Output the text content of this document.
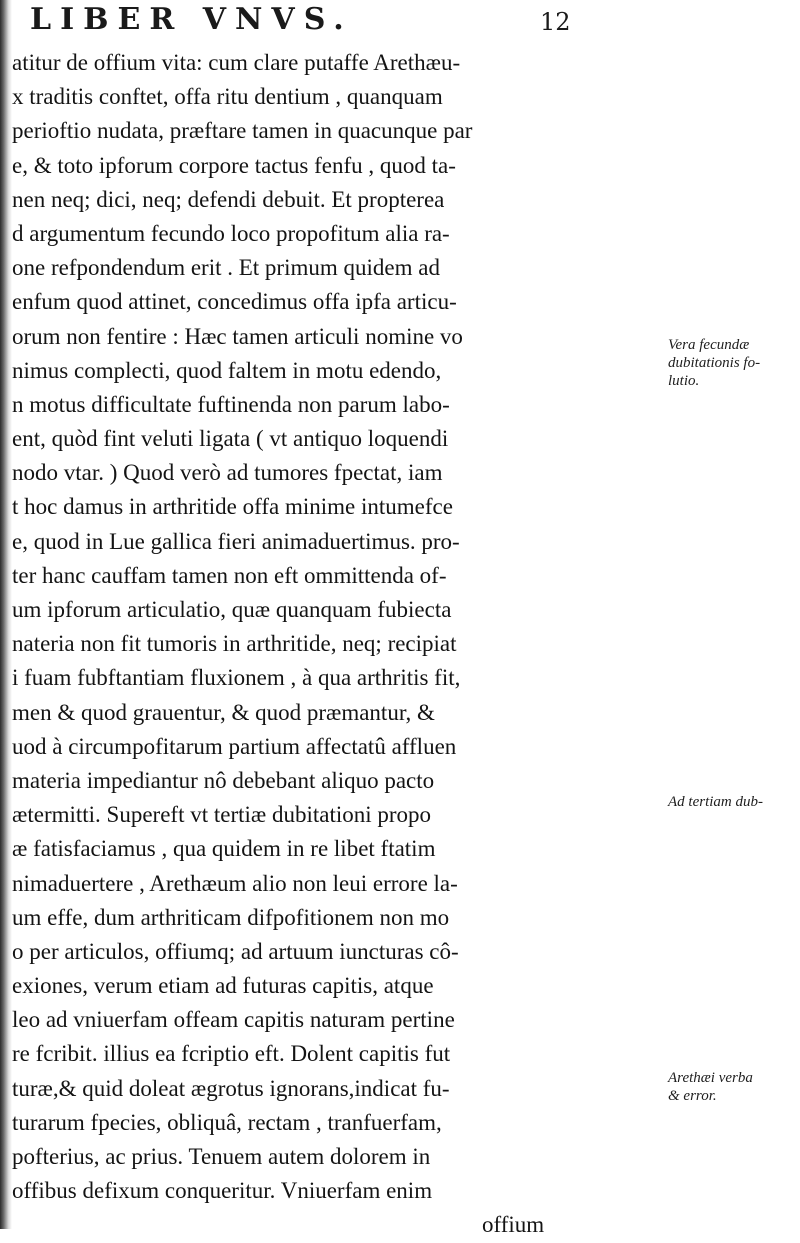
LIBER VNVS.	12
atitur de offium vita: cum clare putaffe Arethæu-
x traditis conftet, offa ritu dentium , quanquam
perioftio nudata, præftare tamen in quacunque par
e, & toto ipforum corpore tactus fenfu , quod ta-
nen neq; dici, neq; defendi debuit. Et propterea
d argumentum fecundo loco propofitum alia ra-
one refpondendum erit . Et primum quidem ad
enfum quod attinet, concedimus offa ipfa articu-
orum non fentire : Hæc tamen articuli nomine vo
nimus complecti, quod faltem in motu edendo,
n motus difficultate fuftinenda non parum labo-
ent, quòd fint veluti ligata ( vt antiquo loquendi
nodo vtar. ) Quod verò ad tumores fpectat, iam
t hoc damus in arthritide offa minime intumefce
e, quod in Lue gallica fieri animaduertimus. pro-
ter hanc cauffam tamen non eft ommittenda of-
um ipforum articulatio, quæ quanquam fubiecta
nateria non fit tumoris in arthritide, neq; recipiat
i fuam fubftantiam fluxionem , à qua arthritis fit,
men & quod grauentur, & quod præmantur, &
uod à circumpofitarum partium affectatû affluen
materia impediantur nô debebant aliquo pacto
ætermitti. Supereft vt tertiæ dubitationi propo
æ fatisfaciamus , qua quidem in re libet ftatim
nimaduertere , Arethæum alio non leui errore la-
um effe, dum arthriticam difpofitionem non mo
o per articulos, offiumq; ad artuum iuncturas cô-
exiones, verum etiam ad futuras capitis, atque
leo ad vniuerfam offeam capitis naturam pertine
re fcribit. illius ea fcriptio eft. Dolent capitis fut
turæ,& quid doleat ægrotus ignorans,indicat fu-
turarum fpecies, obliquâ, rectam , tranfuerfam,
pofterius, ac prius. Tenuem autem dolorem in
offibus defixum conqueritur. Vniuerfam enim
offium
Vera fecundæ
dubitationis fo-
lutio.
Ad tertiam dub-
Arethæi verba
& error.
